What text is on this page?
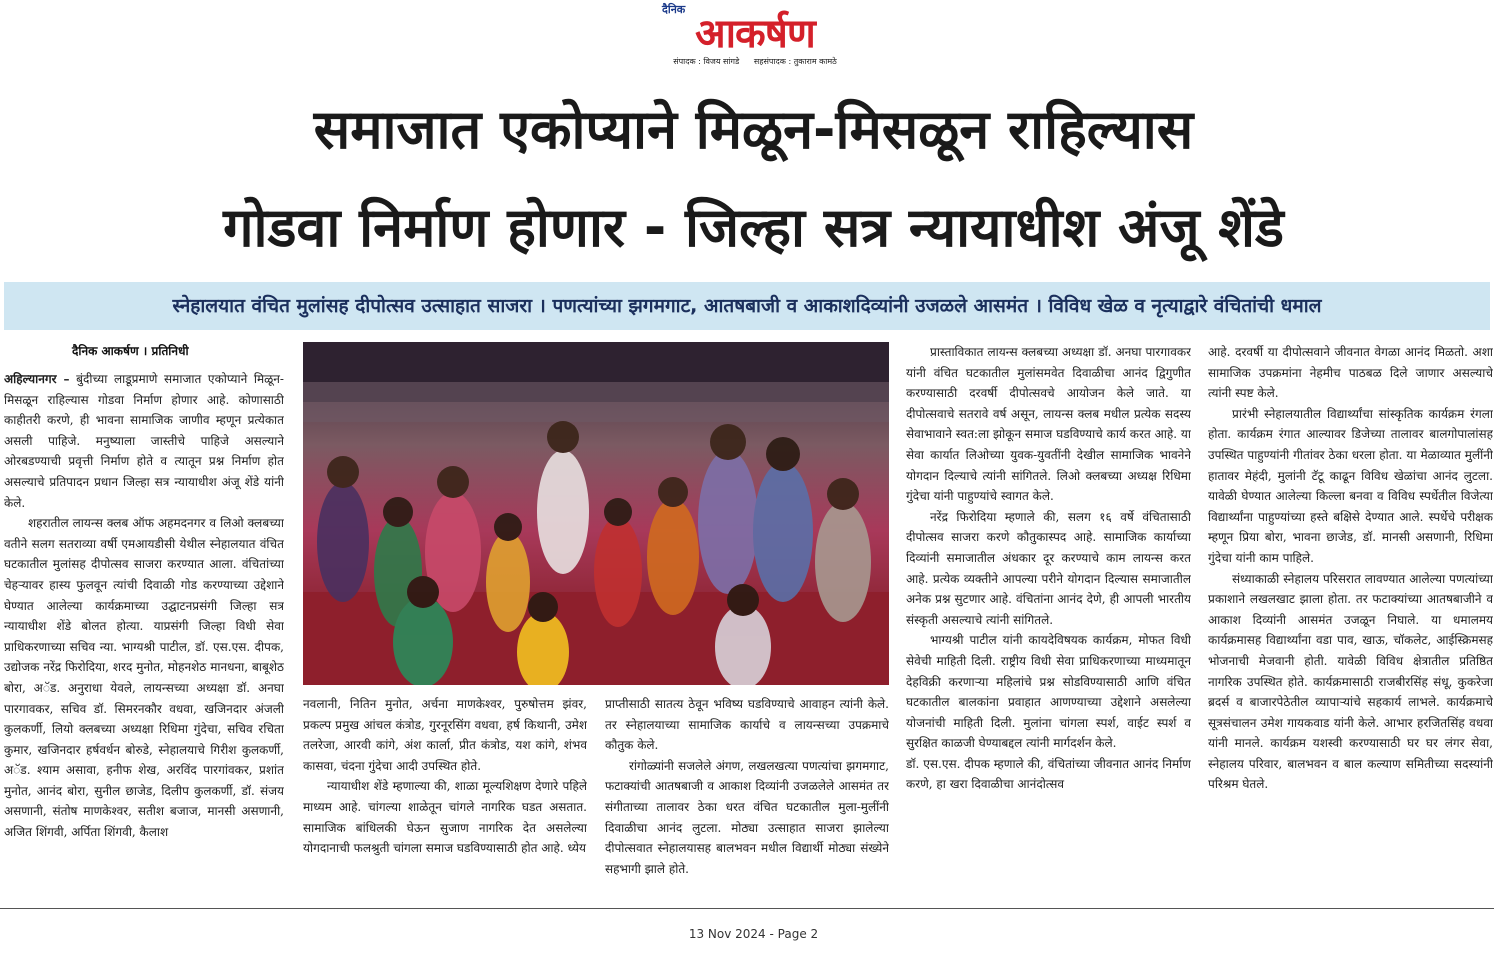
दैनिक
आकर्षण
संपादक : विजय सांगडे सहसंपादक : तुकाराम कामठे
समाजात एकोप्याने मिळून-मिसळून राहिल्यास
गोडवा निर्माण होणार - जिल्हा सत्र न्यायाधीश अंजू शेंडे
स्नेहालयात वंचित मुलांसह दीपोत्सव उत्साहात साजरा । पणत्यांच्या झगमगाट, आतषबाजी व आकाशदिव्यांनी उजळले आसमंत । विविध खेळ व नृत्याद्वारे वंचितांची धमाल
दैनिक आकर्षण । प्रतिनिधी

अहिल्यानगर – बुंदीच्या लाडूप्रमाणे समाजात एकोप्याने मिळून-मिसळून राहिल्यास गोडवा निर्माण होणार आहे. कोणासाठी काहीतरी करणे, ही भावना सामाजिक जाणीव म्हणून प्रत्येकात असली पाहिजे. मनुष्याला जास्तीचे पाहिजे असल्याने ओरबडण्याची प्रवृत्ती निर्माण होते व त्यातून प्रश्न निर्माण होत असल्याचे प्रतिपादन प्रधान जिल्हा सत्र न्यायाधीश अंजू शेंडे यांनी केले.

शहरातील लायन्स क्लब ऑफ अहमदनगर व लिओ क्लबच्या वतीने सलग सतराव्या वर्षी एमआयडीसी येथील स्नेहालयात वंचित घटकातील मुलांसह दीपोत्सव साजरा करण्यात आला. वंचितांच्या चेहऱ्यावर हास्य फुलवून त्यांची दिवाळी गोड करण्याच्या उद्देशाने घेण्यात आलेल्या कार्यक्रमाच्या उद्घाटनप्रसंगी जिल्हा सत्र न्यायाधीश शेंडे बोलत होत्या. याप्रसंगी जिल्हा विधी सेवा प्राधिकरणाच्या सचिव न्या. भाग्यश्री पाटील, डॉ. एस.एस. दीपक, उद्योजक नरेंद्र फिरोदिया, शरद मुनोत, मोहनशेठ मानधना, बाबूशेठ बोरा, अॅड. अनुराधा येवले, लायन्सच्या अध्यक्षा डॉ. अनघा पारगावकर, सचिव डॉ. सिमरनकौर वधवा, खजिनदार अंजली कुलकर्णी, लियो क्लबच्या अध्यक्षा रिधिमा गुंदेचा, सचिव रचिता कुमार, खजिनदार हर्षवर्धन बोरुडे, स्नेहालयाचे गिरीश कुलकर्णी, अॅड. श्याम असावा, हनीफ शेख, अरविंद पारगांवकर, प्रशांत मुनोत, आनंद बोरा, सुनील छाजेड, दिलीप कुलकर्णी, डॉ. संजय असणानी, संतोष माणकेश्वर, सतीश बजाज, मानसी असणानी, अजित शिंगवी, अर्पिता शिंगवी, कैलाश

नवलानी, नितिन मुनोत, अर्चना माणकेश्वर, पुरुषोत्तम झंवर, प्रकल्प प्रमुख आंचल कंत्रोड, गुरनूरसिंग वधवा, हर्ष किथानी, उमेश तलरेजा, आरवी कांगे, अंश कार्ला, प्रीत कंत्रोड, यश कांगे, शंभव कासवा, चंदना गुंदेचा आदी उपस्थित होते.

न्यायाधीश शेंडे म्हणाल्या की, शाळा मूल्यशिक्षण देणारे पहिले माध्यम आहे. चांगल्या शाळेतून चांगले नागरिक घडत असतात. सामाजिक बांधिलकी घेऊन सुजाण नागरिक देत असलेल्या योगदानाची फलश्रुती चांगला समाज घडविण्यासाठी होत आहे. ध्येय

प्राप्तीसाठी सातत्य ठेवून भविष्य घडविण्याचे आवाहन त्यांनी केले. तर स्नेहालयाच्या सामाजिक कार्याचे व लायन्सच्या उपक्रमाचे कौतुक केले.

रांगोळ्यांनी सजलेले अंगण, लखलखत्या पणत्यांचा झगमगाट, फटाक्यांची आतषबाजी व आकाश दिव्यांनी उजळलेले आसमंत तर संगीताच्या तालावर ठेका धरत वंचित घटकातील मुला-मुलींनी दिवाळीचा आनंद लुटला. मोठ्या उत्साहात साजरा झालेल्या दीपोत्सवात स्नेहालयासह बालभवन मधील विद्यार्थी मोठ्या संख्येने सहभागी झाले होते.

प्रास्ताविकात लायन्स क्लबच्या अध्यक्षा डॉ. अनघा पारगावकर यांनी वंचित घटकातील मुलांसमवेत दिवाळीचा आनंद द्विगुणीत करण्यासाठी दरवर्षी दीपोत्सवचे आयोजन केले जाते. या दीपोत्सवाचे सतरावे वर्ष असून, लायन्स क्लब मधील प्रत्येक सदस्य सेवाभावाने स्वत:ला झोकून समाज घडविण्याचे कार्य करत आहे. या सेवा कार्यात लिओच्या युवक-युवतींनी देखील सामाजिक भावनेने योगदान दिल्याचे त्यांनी सांगितले. लिओ क्लबच्या अध्यक्ष रिधिमा गुंदेचा यांनी पाहुण्यांचे स्वागत केले.

नरेंद्र फिरोदिया म्हणाले की, सलग १६ वर्षे वंचितासाठी दीपोत्सव साजरा करणे कौतुकास्पद आहे. सामाजिक कार्याच्या दिव्यांनी समाजातील अंधकार दूर करण्याचे काम लायन्स करत आहे. प्रत्येक व्यक्तीने आपल्या परीने योगदान दिल्यास समाजातील अनेक प्रश्न सुटणार आहे. वंचितांना आनंद देणे, ही आपली भारतीय संस्कृती असल्याचे त्यांनी सांगितले.

भाग्यश्री पाटील यांनी कायदेविषयक कार्यक्रम, मोफत विधी सेवेची माहिती दिली. राष्ट्रीय विधी सेवा प्राधिकरणाच्या माध्यमातून देहविक्री करणाऱ्या महिलांचे प्रश्न सोडविण्यासाठी आणि वंचित घटकातील बालकांना प्रवाहात आणण्याच्या उद्देशाने असलेल्या योजनांची माहिती दिली. मुलांना चांगला स्पर्श, वाईट स्पर्श व सुरक्षित काळजी घेण्याबद्दल त्यांनी मार्गदर्शन केले.

डॉ. एस.एस. दीपक म्हणाले की, वंचितांच्या जीवनात आनंद निर्माण करणे, हा खरा दिवाळीचा आनंदोत्सव

आहे. दरवर्षी या दीपोत्सवाने जीवनात वेगळा आनंद मिळतो. अशा सामाजिक उपक्रमांना नेहमीच पाठबळ दिले जाणार असल्याचे त्यांनी स्पष्ट केले.

प्रारंभी स्नेहालयातील विद्यार्थ्यांचा सांस्कृतिक कार्यक्रम रंगला होता. कार्यक्रम रंगात आल्यावर डिजेच्या तालावर बालगोपालांसह उपस्थित पाहुण्यांनी गीतांवर ठेका धरला होता. या मेळाव्यात मुलींनी हातावर मेहंदी, मुलांनी टॅटू काढून विविध खेळांचा आनंद लुटला. यावेळी घेण्यात आलेल्या किल्ला बनवा व विविध स्पर्धेतील विजेत्या विद्यार्थ्यांना पाहुण्यांच्या हस्ते बक्षिसे देण्यात आले. स्पर्धेचे परीक्षक म्हणून प्रिया बोरा, भावना छाजेड, डॉ. मानसी असणानी, रिधिमा गुंदेचा यांनी काम पाहिले.

संध्याकाळी स्नेहालय परिसरात लावण्यात आलेल्या पणत्यांच्या प्रकाशाने लखलखाट झाला होता. तर फटाक्यांच्या आतषबाजीने व आकाश दिव्यांनी आसमंत उजळून निघाले. या धमालमय कार्यक्रमासह विद्यार्थ्यांना वडा पाव, खाऊ, चॉकलेट, आईस्क्रिमसह भोजनाची मेजवानी होती. यावेळी विविध क्षेत्रातील प्रतिष्ठित नागरिक उपस्थित होते. कार्यक्रमासाठी राजबीरसिंह संधू, कुकरेजा ब्रदर्स व बाजारपेठेतील व्यापाऱ्यांचे सहकार्य लाभले. कार्यक्रमाचे सूत्रसंचालन उमेश गायकवाड यांनी केले. आभार हरजितसिंह वधवा यांनी मानले. कार्यक्रम यशस्वी करण्यासाठी घर घर लंगर सेवा, स्नेहालय परिवार, बालभवन व बाल कल्याण समितीच्या सदस्यांनी परिश्रम घेतले.

13 Nov 2024 - Page 2
